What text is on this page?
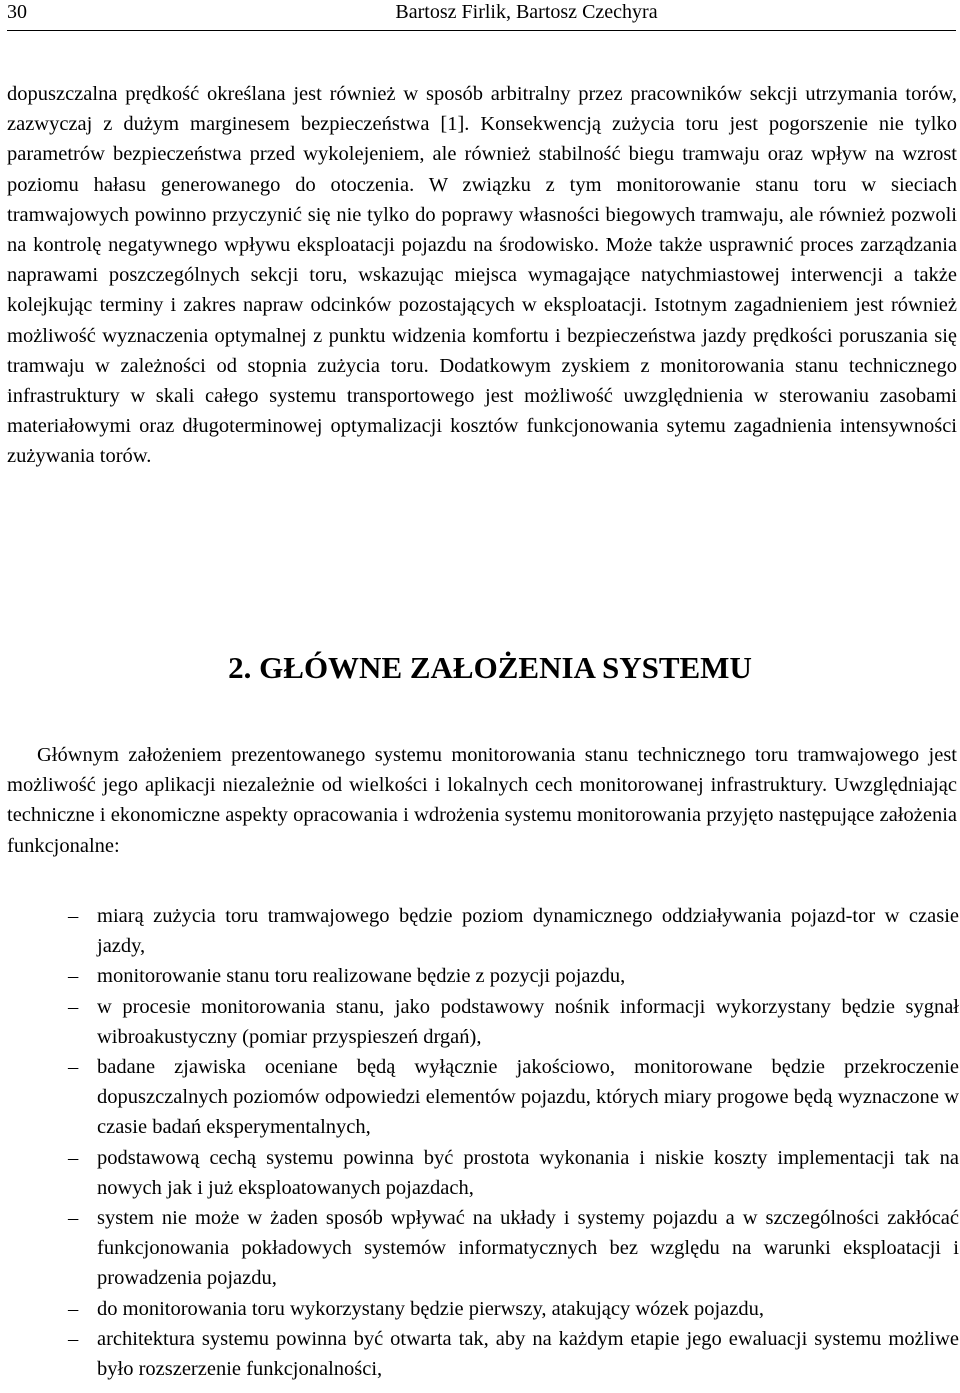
30	Bartosz Firlik, Bartosz Czechyra

dopuszczalna prędkość określana jest również w sposób arbitralny przez pracowników sekcji utrzymania torów, zazwyczaj z dużym marginesem bezpieczeństwa [1]. Konsekwencją zużycia toru jest pogorszenie nie tylko parametrów bezpieczeństwa przed wykolejeniem, ale również stabilność biegu tramwaju oraz wpływ na wzrost poziomu hałasu generowanego do otoczenia. W związku z tym monitorowanie stanu toru w sieciach tramwajowych powinno przyczynić się nie tylko do poprawy własności biegowych tramwaju, ale również pozwoli na kontrolę negatywnego wpływu eksploatacji pojazdu na środowisko. Może także usprawnić proces zarządzania naprawami poszczególnych sekcji toru, wskazując miejsca wymagające natychmiastowej interwencji a także kolejkując terminy i zakres napraw odcinków pozostających w eksploatacji. Istotnym zagadnieniem jest również możliwość wyznaczenia optymalnej z punktu widzenia komfortu i bezpieczeństwa jazdy prędkości poruszania się tramwaju w zależności od stopnia zużycia toru. Dodatkowym zyskiem z monitorowania stanu technicznego infrastruktury w skali całego systemu transportowego jest możliwość uwzględnienia w sterowaniu zasobami materiałowymi oraz długoterminowej optymalizacji kosztów funkcjonowania sytemu zagadnienia intensywności zużywania torów.

2. GŁÓWNE ZAŁOŻENIA SYSTEMU

Głównym założeniem prezentowanego systemu monitorowania stanu technicznego toru tramwajowego jest możliwość jego aplikacji niezależnie od wielkości i lokalnych cech monitorowanej infrastruktury. Uwzględniając techniczne i ekonomiczne aspekty opracowania i wdrożenia systemu monitorowania przyjęto następujące założenia funkcjonalne:

– miarą zużycia toru tramwajowego będzie poziom dynamicznego oddziaływania pojazd-tor w czasie jazdy,
– monitorowanie stanu toru realizowane będzie z pozycji pojazdu,
– w procesie monitorowania stanu, jako podstawowy nośnik informacji wykorzystany będzie sygnał wibroakustyczny (pomiar przyspieszeń drgań),
– badane zjawiska oceniane będą wyłącznie jakościowo, monitorowane będzie przekroczenie dopuszczalnych poziomów odpowiedzi elementów pojazdu, których miary progowe będą wyznaczone w czasie badań eksperymentalnych,
– podstawową cechą systemu powinna być prostota wykonania i niskie koszty implementacji tak na nowych jak i już eksploatowanych pojazdach,
– system nie może w żaden sposób wpływać na układy i systemy pojazdu a w szczególności zakłócać funkcjonowania pokładowych systemów informatycznych bez względu na warunki eksploatacji i prowadzenia pojazdu,
– do monitorowania toru wykorzystany będzie pierwszy, atakujący wózek pojazdu,
– architektura systemu powinna być otwarta tak, aby na każdym etapie jego ewaluacji systemu możliwe było rozszerzenie funkcjonalności,
